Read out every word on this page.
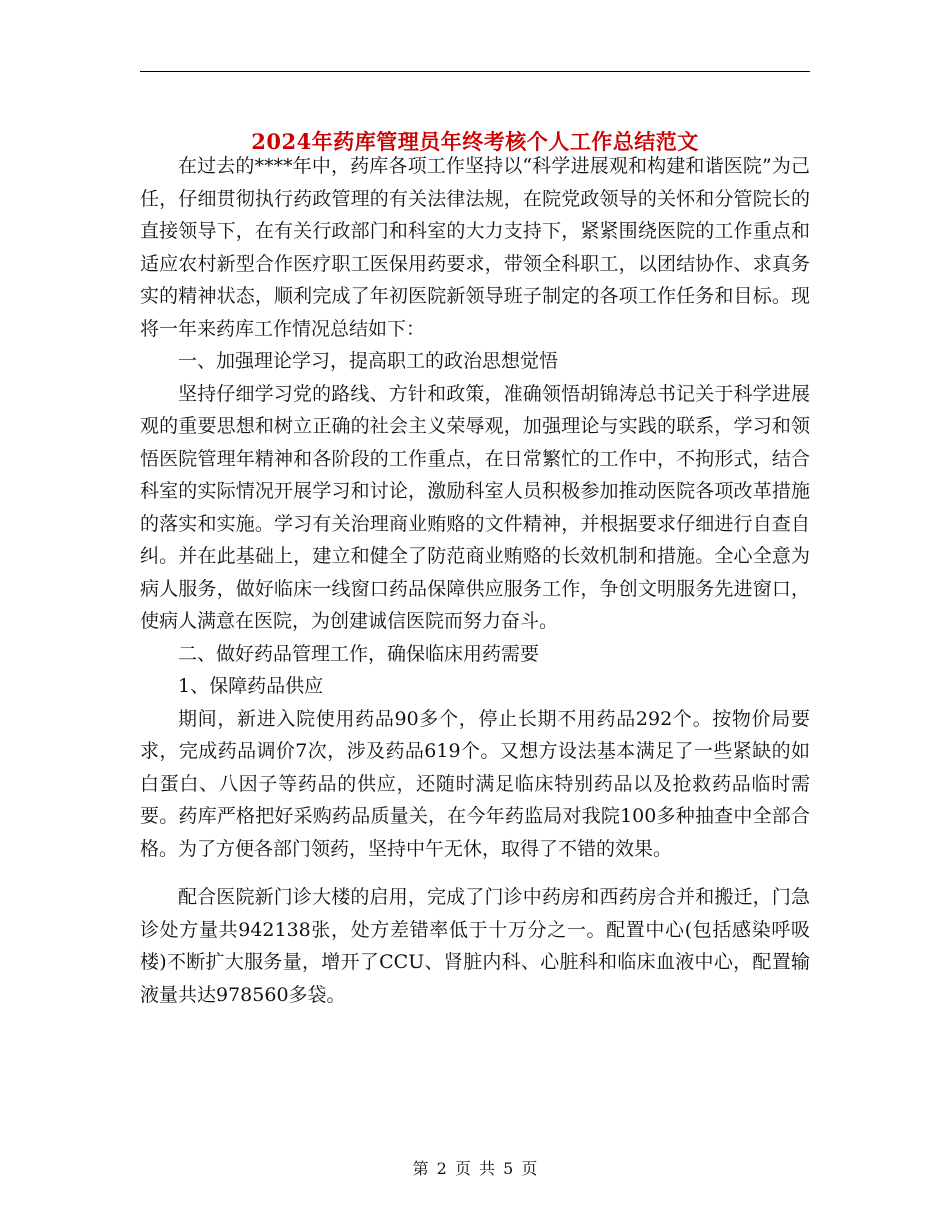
2024年药库管理员年终考核个人工作总结范文

在过去的****年中，药库各项工作坚持以“科学进展观和构建和谐医院”为己任，仔细贯彻执行药政管理的有关法律法规，在院党政领导的关怀和分管院长的直接领导下，在有关行政部门和科室的大力支持下，紧紧围绕医院的工作重点和适应农村新型合作医疗职工医保用药要求，带领全科职工，以团结协作、求真务实的精神状态，顺利完成了年初医院新领导班子制定的各项工作任务和目标。现将一年来药库工作情况总结如下：

一、加强理论学习，提高职工的政治思想觉悟

坚持仔细学习党的路线、方针和政策，准确领悟胡锦涛总书记关于科学进展观的重要思想和树立正确的社会主义荣辱观，加强理论与实践的联系，学习和领悟医院管理年精神和各阶段的工作重点，在日常繁忙的工作中，不拘形式，结合科室的实际情况开展学习和讨论，激励科室人员积极参加推动医院各项改革措施的落实和实施。学习有关治理商业贿赂的文件精神，并根据要求仔细进行自查自纠。并在此基础上，建立和健全了防范商业贿赂的长效机制和措施。全心全意为病人服务，做好临床一线窗口药品保障供应服务工作，争创文明服务先进窗口，使病人满意在医院，为创建诚信医院而努力奋斗。

二、做好药品管理工作，确保临床用药需要

1、保障药品供应

期间，新进入院使用药品90多个，停止长期不用药品292个。按物价局要求，完成药品调价7次，涉及药品619个。又想方设法基本满足了一些紧缺的如白蛋白、八因子等药品的供应，还随时满足临床特别药品以及抢救药品临时需要。药库严格把好采购药品质量关，在今年药监局对我院100多种抽查中全部合格。为了方便各部门领药，坚持中午无休，取得了不错的效果。

配合医院新门诊大楼的启用，完成了门诊中药房和西药房合并和搬迁，门急诊处方量共942138张，处方差错率低于十万分之一。配置中心(包括感染呼吸楼)不断扩大服务量，增开了CCU、肾脏内科、心脏科和临床血液中心，配置输液量共达978560多袋。

第 2 页 共 5 页
